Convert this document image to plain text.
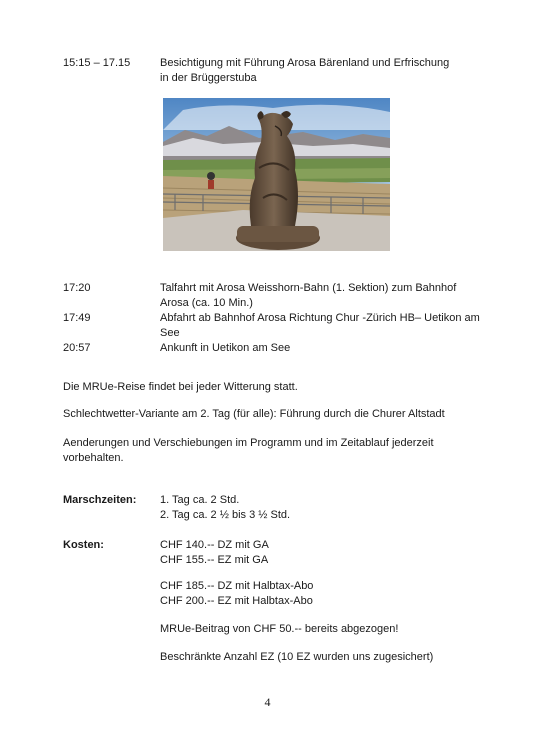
15:15 – 17.15	Besichtigung mit Führung Arosa Bärenland und Erfrischung
in der Brüggerstuba
17:20	Talfahrt mit Arosa Weisshorn-Bahn (1. Sektion) zum Bahnhof
Arosa (ca. 10 Min.)
17:49	Abfahrt ab Bahnhof Arosa Richtung Chur -Zürich HB– Uetikon am
See
20:57	Ankunft in Uetikon am See
Die MRUe-Reise findet bei jeder Witterung statt.
Schlechtwetter-Variante am 2. Tag (für alle): Führung durch die Churer Altstadt
Aenderungen und Verschiebungen im Programm und im Zeitablauf jederzeit
vorbehalten.
Marschzeiten: 1. Tag ca. 2 Std.
2. Tag ca. 2 ½ bis 3 ½ Std.
Kosten:	CHF 140.-- DZ mit GA
CHF 155.-- EZ mit GA
CHF 185.-- DZ mit Halbtax-Abo
CHF 200.-- EZ mit Halbtax-Abo
MRUe-Beitrag von CHF 50.-- bereits abgezogen!
Beschränkte Anzahl EZ (10 EZ wurden uns zugesichert)
4
